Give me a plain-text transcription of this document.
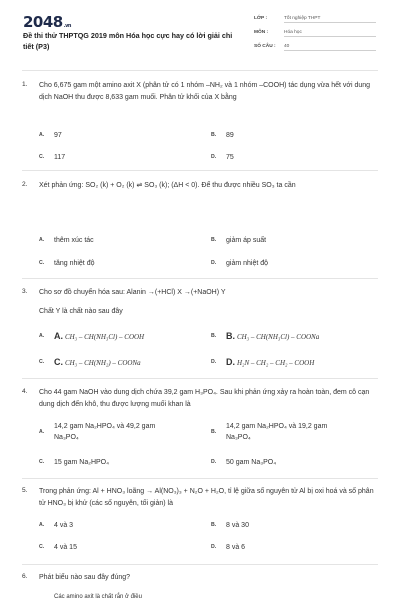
2048.vn
Đề thi thử THPTQG 2019 môn Hóa học cực hay có lời giải chi tiết (P3)
LỚP :	Tốt nghiệp THPT
MÔN :	Hóa học
SỐ CÂU : 40
1. Cho 6,675 gam một amino axit X (phân tử có 1 nhóm –NH₂ và 1 nhóm –COOH) tác dụng vừa hết với dung dịch NaOH thu được 8,633 gam muối. Phân tử khối của X bằng
A. 97	B. 89
C. 117	D. 75
2. Xét phản ứng: SO₂ (k) + O₂ (k) ⇌ SO₃ (k); (ΔH < 0). Để thu được nhiều SO₃ ta cần
A. thêm xúc tác	B. giảm áp suất
C. tăng nhiệt độ	D. giảm nhiệt độ
3. Cho sơ đồ chuyển hóa sau: Alanin →(+HCl) X →(+NaOH) Y
Chất Y là chất nào sau đây
A. A. CH₃ – CH(NH₃Cl) – COOH	B. B. CH₃ – CH(NH₃Cl) – COONa
C. C. CH₃ – CH(NH₂) – COONa	D. D. H₂N – CH₂ – CH₂ – COOH
4. Cho 44 gam NaOH vào dung dịch chứa 39,2 gam H₃PO₄. Sau khi phản ứng xảy ra hoàn toàn, đem cô cạn dung dịch đến khô, thu được lượng muối khan là
A.
14,2 gam Na₂HPO₄ và 49,2 gam
Na₃PO₄
B.
14,2 gam Na₂HPO₄ và 19,2 gam
Na₃PO₄
C. 15 gam Na₂HPO₄	D. 50 gam Na₃PO₄
5. Trong phản ứng: Al + HNO₃ loãng → Al(NO₃)₃ + N₂O + H₂O, tỉ lệ giữa số nguyên tử Al bị oxi hoá và số phân tử HNO₃ bị khử (các số nguyên, tối giản) là
A. 4 và 3	B. 8 và 30
C. 4 và 15	D. 8 và 6
6. Phát biểu nào sau đây đúng?
Các amino axit là chất rắn ở điều
